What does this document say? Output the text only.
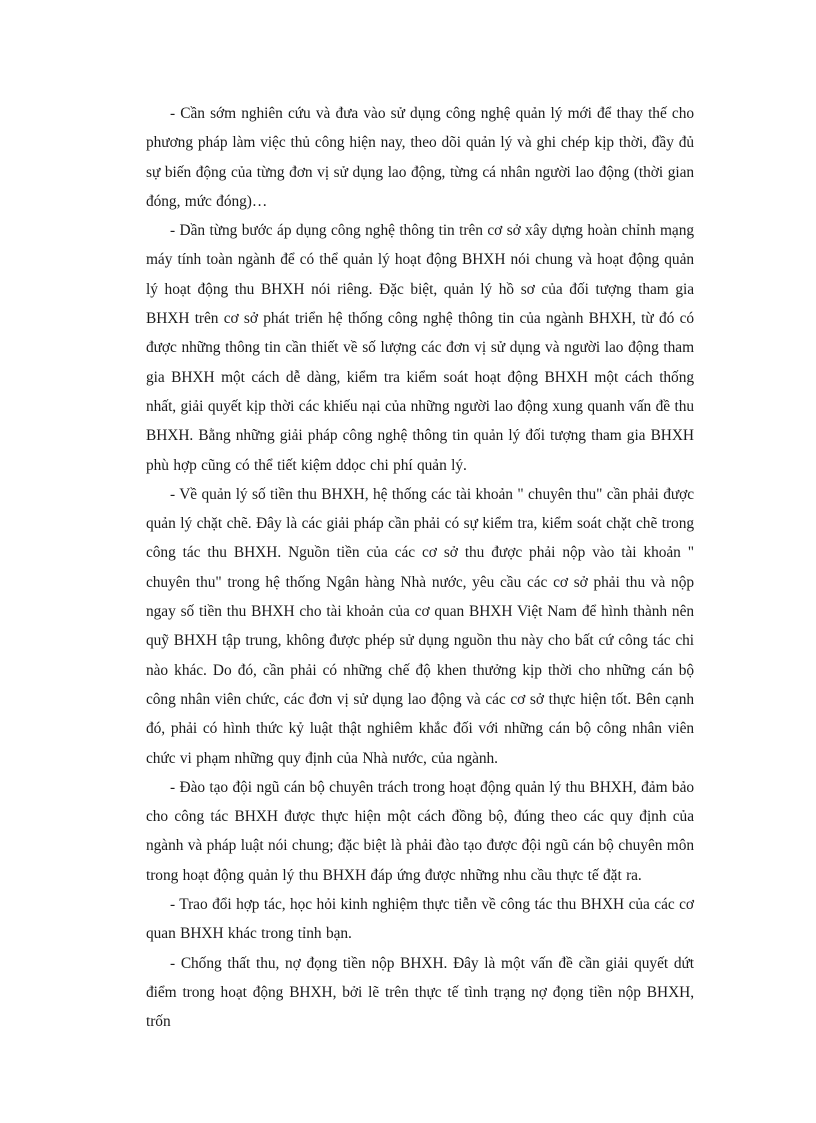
- Cần sớm nghiên cứu và đưa vào sử dụng công nghệ quản lý mới để thay thế cho phương pháp làm việc thủ công hiện nay, theo dõi quản lý và ghi chép kịp thời, đầy đủ sự biến động của từng đơn vị sử dụng lao động, từng cá nhân người lao động (thời gian đóng, mức đóng)…

- Dần từng bước áp dụng công nghệ thông tin trên cơ sở xây dựng hoàn chỉnh mạng máy tính toàn ngành để có thể quản lý hoạt động BHXH nói chung và hoạt động quản lý hoạt động thu BHXH nói riêng. Đặc biệt, quản lý hồ sơ của đối tượng tham gia BHXH trên cơ sở phát triển hệ thống công nghệ thông tin của ngành BHXH, từ đó có được những thông tin cần thiết về số lượng các đơn vị sử dụng và người lao động tham gia BHXH một cách dễ dàng, kiểm tra kiểm soát hoạt động BHXH một cách thống nhất, giải quyết kịp thời các khiếu nại của những người lao động xung quanh vấn đề thu BHXH. Bằng những giải pháp công nghệ thông tin quản lý đối tượng tham gia BHXH phù hợp cũng có thể tiết kiệm ddọc chi phí quản lý.

- Về quản lý số tiền thu BHXH, hệ thống các tài khoản " chuyên thu" cần phải được quản lý chặt chẽ. Đây là các giải pháp cần phải có sự kiểm tra, kiểm soát chặt chẽ trong công tác thu BHXH. Nguồn tiền của các cơ sở thu được phải nộp vào tài khoản " chuyên thu" trong hệ thống Ngân hàng Nhà nước, yêu cầu các cơ sở phải thu và nộp ngay số tiền thu BHXH cho tài khoản của cơ quan BHXH Việt Nam để hình thành nên quỹ BHXH tập trung, không được phép sử dụng nguồn thu này cho bất cứ công tác chi nào khác. Do đó, cần phải có những chế độ khen thưởng kịp thời cho những cán bộ công nhân viên chức, các đơn vị sử dụng lao động và các cơ sở thực hiện tốt. Bên cạnh đó, phải có hình thức kỷ luật thật nghiêm khắc đối với những cán bộ công nhân viên chức vi phạm những quy định của Nhà nước, của ngành.

- Đào tạo đội ngũ cán bộ chuyên trách trong hoạt động quản lý thu BHXH, đảm bảo cho công tác BHXH được thực hiện một cách đồng bộ, đúng theo các quy định của ngành và pháp luật nói chung; đặc biệt là phải đào tạo được đội ngũ cán bộ chuyên môn trong hoạt động quản lý thu BHXH đáp ứng được những nhu cầu thực tế đặt ra.

- Trao đổi hợp tác, học hỏi kinh nghiệm thực tiễn về công tác thu BHXH của các cơ quan BHXH khác trong tỉnh bạn.

- Chống thất thu, nợ đọng tiền nộp BHXH. Đây là một vấn đề cần giải quyết dứt điểm trong hoạt động BHXH, bởi lẽ trên thực tế tình trạng nợ đọng tiền nộp BHXH, trốn
